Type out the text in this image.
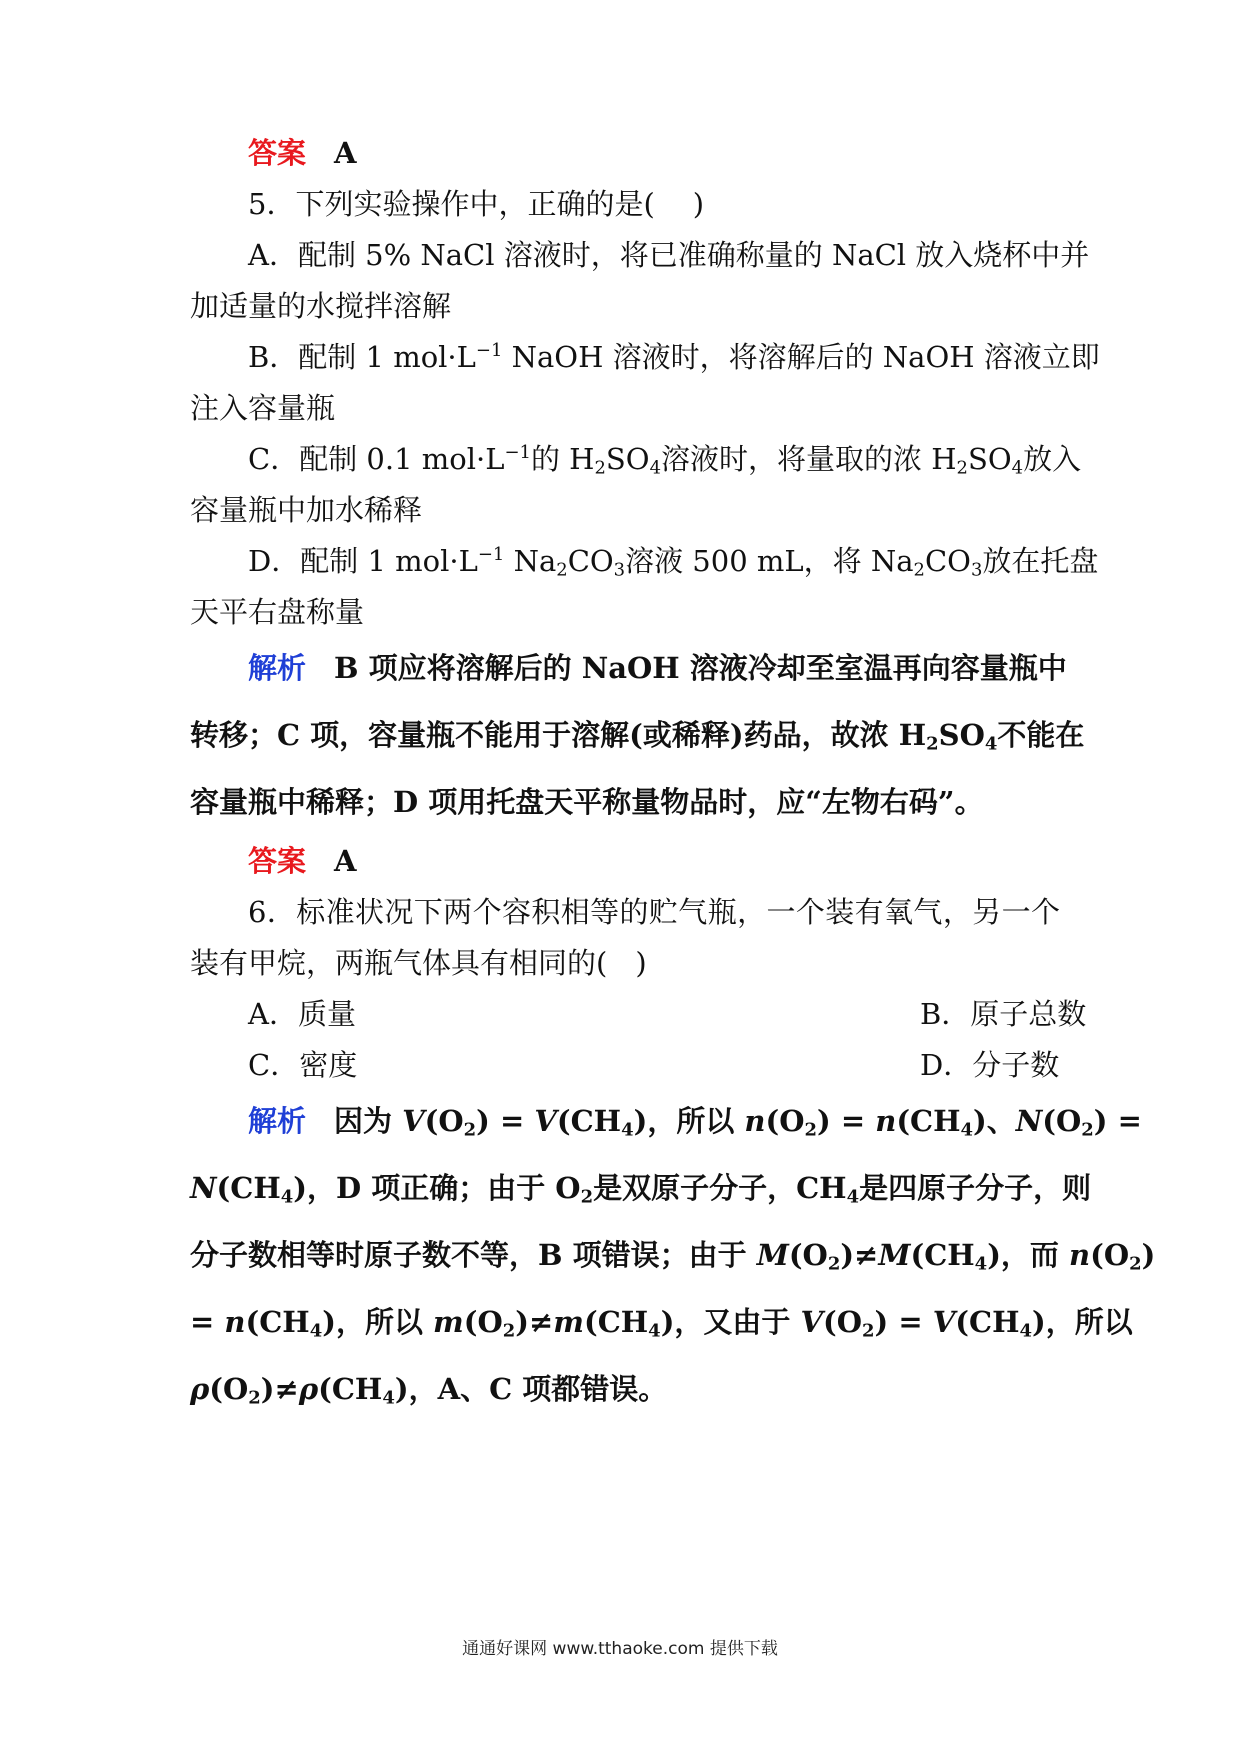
答案 A
5．下列实验操作中，正确的是( )
A．配制 5% NaCl 溶液时，将已准确称量的 NaCl 放入烧杯中并
加适量的水搅拌溶解
B．配制 1 $mol\cdot L^{-1}$ NaOH 溶液时，将溶解后的 NaOH 溶液立即
注入容量瓶
C．配制 0.1 $mol\cdot L^{-1}$的 $H_2SO_4$溶液时，将量取的浓 $H_2SO_4$放入
容量瓶中加水稀释
D．配制 1 $mol\cdot L^{-1}$ $Na_2CO_3$溶液 500 mL，将 $Na_2CO_3$放在托盘
天平右盘称量
解析 B 项应将溶解后的 NaOH 溶液冷却至室温再向容量瓶中
转移；C 项，容量瓶不能用于溶解(或稀释)药品，故浓 $H_2SO_4$不能在
容量瓶中稀释；D 项用托盘天平称量物品时，应“左物右码”。
答案 A
6．标准状况下两个容积相等的贮气瓶，一个装有氧气，另一个
装有甲烷，两瓶气体具有相同的( )
A．质量	B．原子总数
C．密度	D．分子数
解析 因为 $V(O_2) = V(CH_4)$，所以 $n(O_2) = n(CH_4)$、$N(O_2)$ =
$N(CH_4)$，D 项正确；由于 $O_2$是双原子分子，$CH_4$是四原子分子，则
分子数相等时原子数不等，B 项错误；由于 $M(O_2)\ne M(CH_4)$，而 $n(O_2)$
= $n(CH_4)$，所以 $m(O_2)\ne m(CH_4)$，又由于 $V(O_2) = V(CH_4)$，所以
$\rho(O_2)\ne\rho(CH_4)$，A、C 项都错误。
通通好课网 www.tthaoke.com 提供下载
